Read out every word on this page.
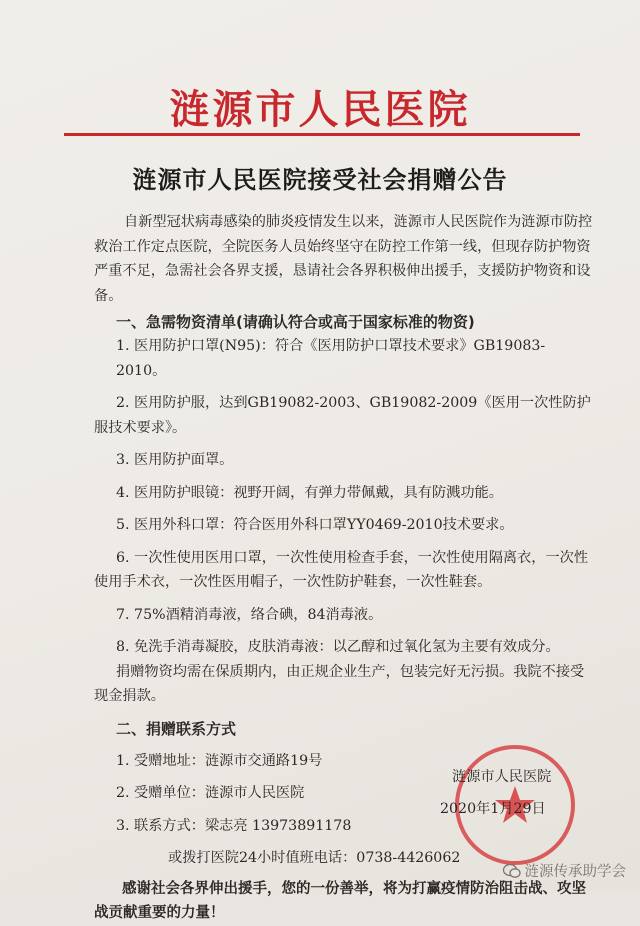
涟源市人民医院
涟源市人民医院接受社会捐赠公告

自新型冠状病毒感染的肺炎疫情发生以来，涟源市人民医院作为涟源市防控救治工作定点医院，全院医务人员始终坚守在防控工作第一线，但现存防护物资严重不足，急需社会各界支援，恳请社会各界积极伸出援手，支援防护物资和设备。

一、急需物资清单(请确认符合或高于国家标准的物资)

1. 医用防护口罩(N95)：符合《医用防护口罩技术要求》GB19083-2010。

2. 医用防护服，达到GB19082-2003、GB19082-2009《医用一次性防护服技术要求》。

3. 医用防护面罩。

4. 医用防护眼镜：视野开阔，有弹力带佩戴，具有防溅功能。

5. 医用外科口罩：符合医用外科口罩YY0469-2010技术要求。

6. 一次性使用医用口罩，一次性使用检查手套，一次性使用隔离衣，一次性使用手术衣，一次性医用帽子，一次性防护鞋套，一次性鞋套。

7. 75%酒精消毒液，络合碘，84消毒液。

8. 免洗手消毒凝胶，皮肤消毒液：以乙醇和过氧化氢为主要有效成分。

捐赠物资均需在保质期内，由正规企业生产，包装完好无污损。我院不接受现金捐款。

二、捐赠联系方式

1. 受赠地址：涟源市交通路19号

2. 受赠单位：涟源市人民医院

3. 联系方式：梁志亮 13973891178

或拨打医院24小时值班电话：0738-4426062

感谢社会各界伸出援手，您的一份善举，将为打赢疫情防治阻击战、攻坚战贡献重要的力量！

涟源市人民医院
2020年1月29日
涟源传承助学会
